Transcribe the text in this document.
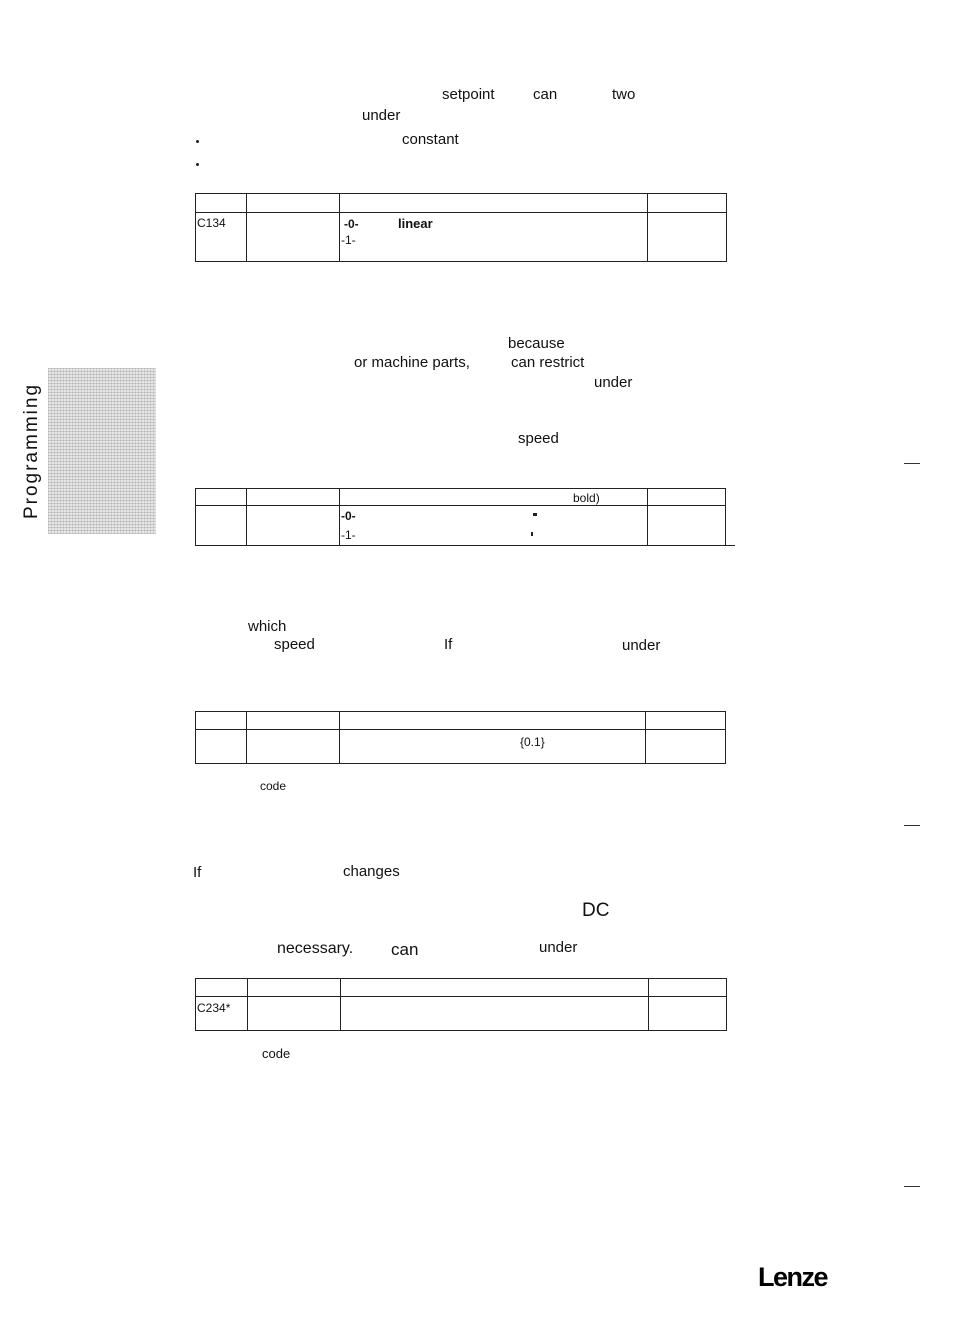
setpoint	can	two
under
constant

C134		-0- linear
-1-	

Programming
because
or machine parts,	can restrict
under
speed

		bold)	

		-0-
-1-	

which
speed	If	under

		{0.1}	

code
If	changes
DC
necessary. can	under

C234*			

code
Lenze
